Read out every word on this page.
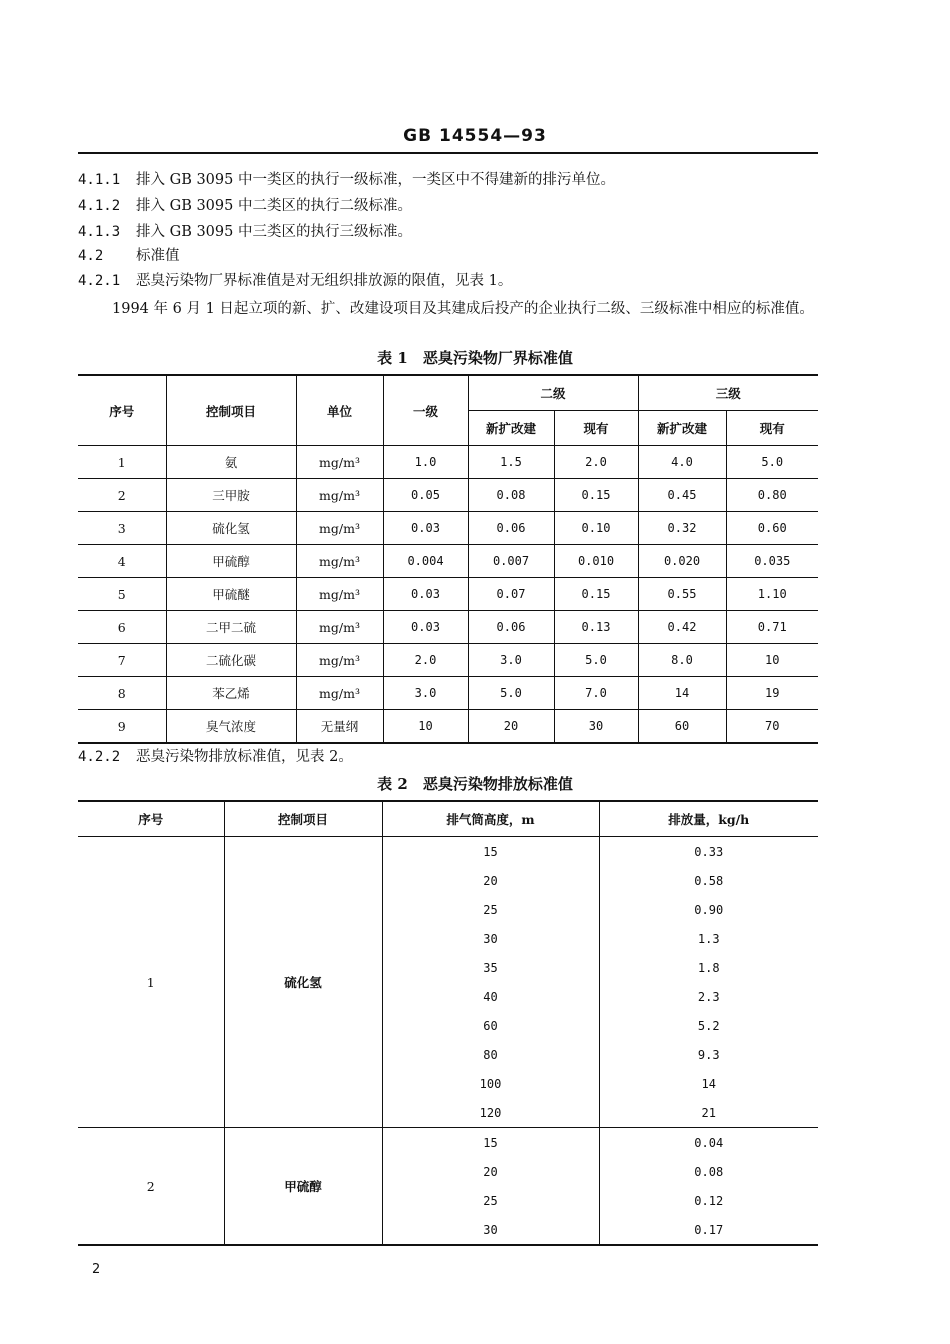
GB 14554—93
4.1.1 排入 GB 3095 中一类区的执行一级标准，一类区中不得建新的排污单位。
4.1.2 排入 GB 3095 中二类区的执行二级标准。
4.1.3 排入 GB 3095 中三类区的执行三级标准。
4.2 标准值
4.2.1 恶臭污染物厂界标准值是对无组织排放源的限值，见表 1。
1994 年 6 月 1 日起立项的新、扩、改建设项目及其建成后投产的企业执行二级、三级标准中相应的标准值。
表 1　恶臭污染物厂界标准值
序号	控制项目	单位	一级	二级		三级	
				新扩改建	现有	新扩改建	现有
1	氨	mg/m³	1.0	1.5	2.0	4.0	5.0
2	三甲胺	mg/m³	0.05	0.08	0.15	0.45	0.80
3	硫化氢	mg/m³	0.03	0.06	0.10	0.32	0.60
4	甲硫醇	mg/m³	0.004	0.007	0.010	0.020	0.035
5	甲硫醚	mg/m³	0.03	0.07	0.15	0.55	1.10
6	二甲二硫	mg/m³	0.03	0.06	0.13	0.42	0.71
7	二硫化碳	mg/m³	2.0	3.0	5.0	8.0	10
8	苯乙烯	mg/m³	3.0	5.0	7.0	14	19
9	臭气浓度	无量纲	10	20	30	60	70
4.2.2 恶臭污染物排放标准值，见表 2。
表 2　恶臭污染物排放标准值
序号	控制项目	排气筒高度，m	排放量，kg/h
1	硫化氢	15	0.33
		20	0.58
		25	0.90
		30	1.3
		35	1.8
		40	2.3
		60	5.2
		80	9.3
		100	14
		120	21
2	甲硫醇	15	0.04
		20	0.08
		25	0.12
		30	0.17
2
